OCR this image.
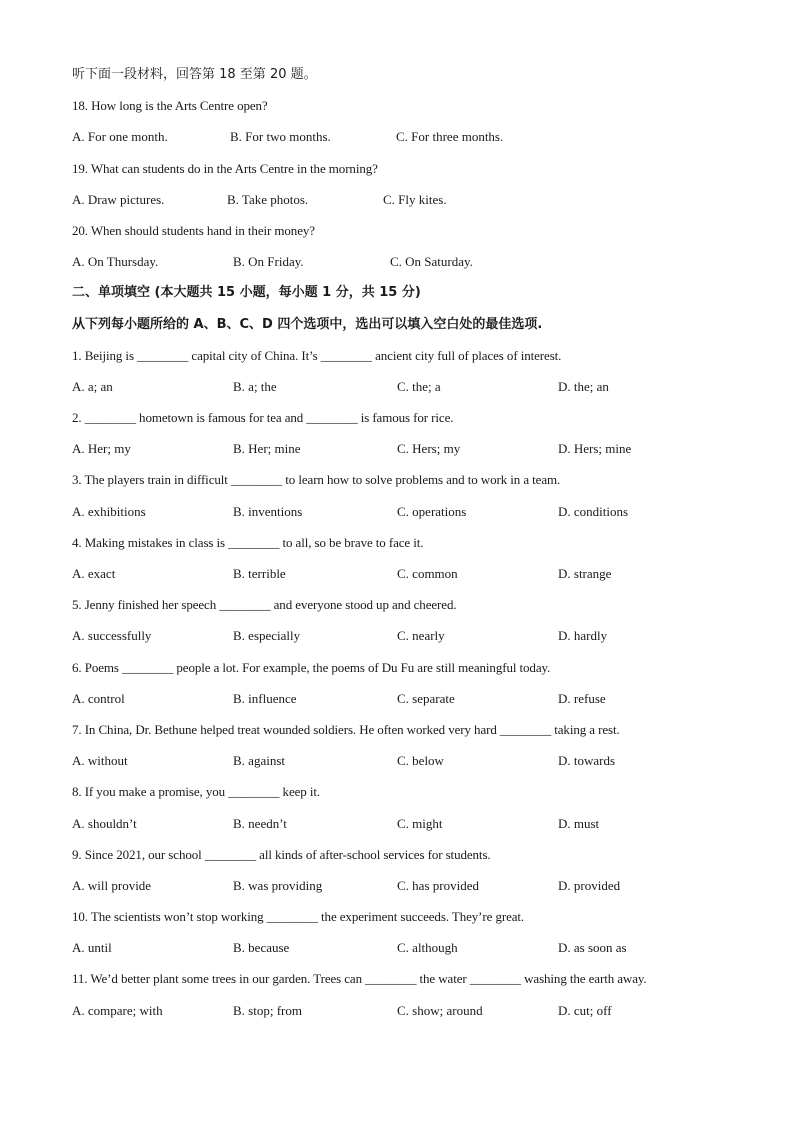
听下面一段材料，回答第 18 至第 20 题。
18. How long is the Arts Centre open?
A. For one month.	B. For two months.	C. For three months.
19. What can students do in the Arts Centre in the morning?
A. Draw pictures.	B. Take photos.	C. Fly kites.
20. When should students hand in their money?
A. On Thursday.	B. On Friday.	C. On Saturday.
二、单项填空 (本大题共 15 小题，每小题 1 分，共 15 分)
从下列每小题所给的 A、B、C、D 四个选项中，选出可以填入空白处的最佳选项.
1. Beijing is ________ capital city of China. It’s ________ ancient city full of places of interest.
A. a; an	B. a; the	C. the; a	D. the; an
2. ________ hometown is famous for tea and ________ is famous for rice.
A. Her; my	B. Her; mine	C. Hers; my	D. Hers; mine
3. The players train in difficult ________ to learn how to solve problems and to work in a team.
A. exhibitions	B. inventions	C. operations	D. conditions
4. Making mistakes in class is ________ to all, so be brave to face it.
A. exact	B. terrible	C. common	D. strange
5. Jenny finished her speech ________ and everyone stood up and cheered.
A. successfully	B. especially	C. nearly	D. hardly
6. Poems ________ people a lot. For example, the poems of Du Fu are still meaningful today.
A. control	B. influence	C. separate	D. refuse
7. In China, Dr. Bethune helped treat wounded soldiers. He often worked very hard ________ taking a rest.
A. without	B. against	C. below	D. towards
8. If you make a promise, you ________ keep it.
A. shouldn’t	B. needn’t	C. might	D. must
9. Since 2021, our school ________ all kinds of after-school services for students.
A. will provide	B. was providing	C. has provided	D. provided
10. The scientists won’t stop working ________ the experiment succeeds. They’re great.
A. until	B. because	C. although	D. as soon as
11. We’d better plant some trees in our garden. Trees can ________ the water ________ washing the earth away.
A. compare; with	B. stop; from	C. show; around	D. cut; off
